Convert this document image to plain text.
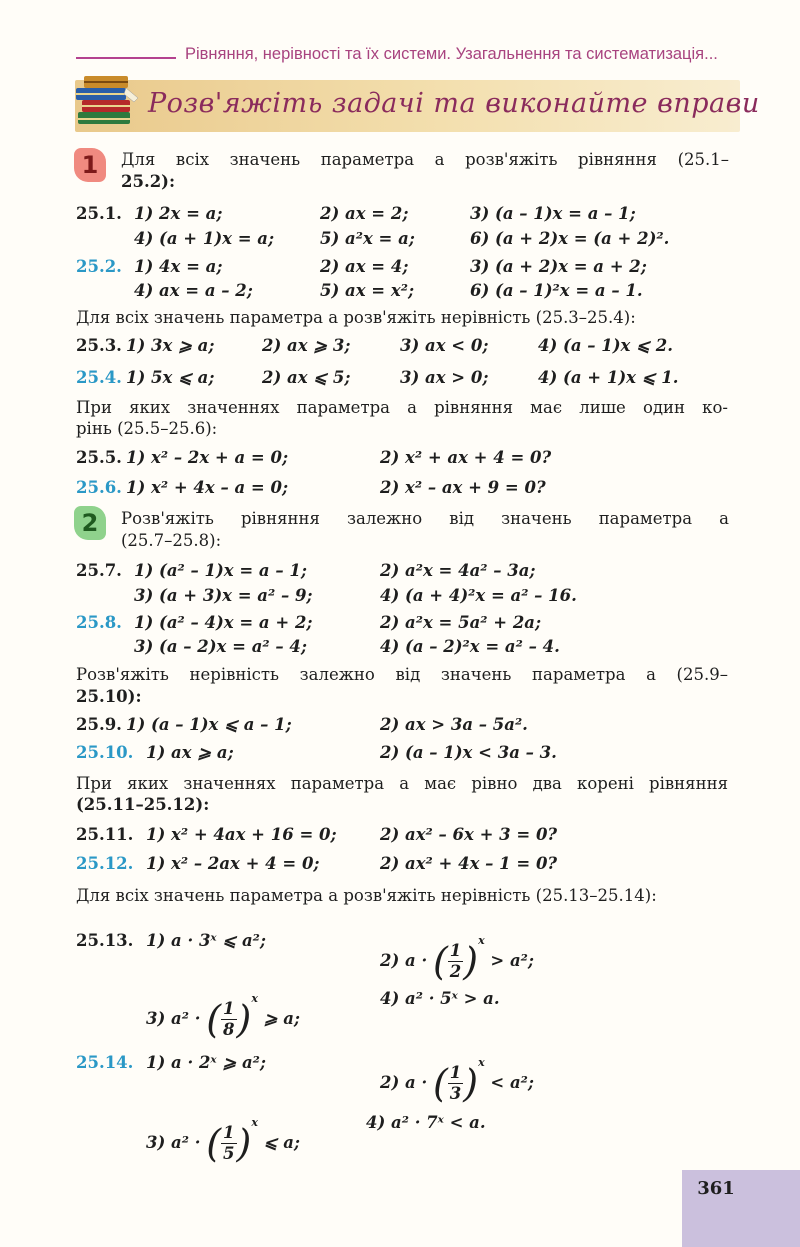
Рівняння, нерівності та їх системи. Узагальнення та систематизація...
Розв'яжіть задачі та виконайте вправи
1	Для всіх значень параметра а розв'яжіть рівняння (25.1–
25.2):
25.1. 1) 2x = a;	2) ax = 2;	3) (a – 1)x = a – 1;
4) (a + 1)x = a;	5) a²x = a;	6) (a + 2)x = (a + 2)².
25.2. 1) 4x = a;	2) ax = 4;	3) (a + 2)x = a + 2;
4) ax = a – 2;	5) ax = x²;	6) (a – 1)²x = a – 1.
Для всіх значень параметра а розв'яжіть нерівність (25.3–25.4):
25.3. 1) 3x ⩾ a;	2) ax ⩾ 3;	3) ax < 0;	4) (a – 1)x ⩽ 2.
25.4. 1) 5x ⩽ a;	2) ax ⩽ 5;	3) ax > 0;	4) (a + 1)x ⩽ 1.
При яких значеннях параметра а рівняння має лише один ко-
рінь (25.5–25.6):
25.5. 1) x² – 2x + a = 0;	2) x² + ax + 4 = 0?
25.6. 1) x² + 4x – a = 0;	2) x² – ax + 9 = 0?
2	Розв'яжіть рівняння залежно від значень параметра а
(25.7–25.8):
25.7. 1) (a² – 1)x = a – 1;	2) a²x = 4a² – 3a;
3) (a + 3)x = a² – 9;	4) (a + 4)²x = a² – 16.
25.8. 1) (a² – 4)x = a + 2;	2) a²x = 5a² + 2a;
3) (a – 2)x = a² – 4;	4) (a – 2)²x = a² – 4.
Розв'яжіть нерівність залежно від значень параметра а (25.9–
25.10):
25.9. 1) (a – 1)x ⩽ a – 1;	2) ax > 3a – 5a².
25.10. 1) ax ⩾ a;	2) (a – 1)x < 3a – 3.
При яких значеннях параметра а має рівно два корені рівняння
(25.11–25.12):
25.11. 1) x² + 4ax + 16 = 0;	2) ax² – 6x + 3 = 0?
25.12. 1) x² – 2ax + 4 = 0;	2) ax² + 4x – 1 = 0?
Для всіх значень параметра а розв'яжіть нерівність (25.13–25.14):
25.13. 1) a · 3ˣ ⩽ a²;
2) a · ( $\frac{1}{2} )^x > a^2$;
3) a² · ( $\frac{1}{8} )^x$ ⩾ a;
4) a² · 5ˣ > a.
25.14. 1) a · 2ˣ ⩾ a²;
2) a · ( $\frac{1}{3} )^x < a^2$;
3) a² · ( $\frac{1}{5} )^x$ ⩽ a;
4) a² · 7ˣ < a.
361
